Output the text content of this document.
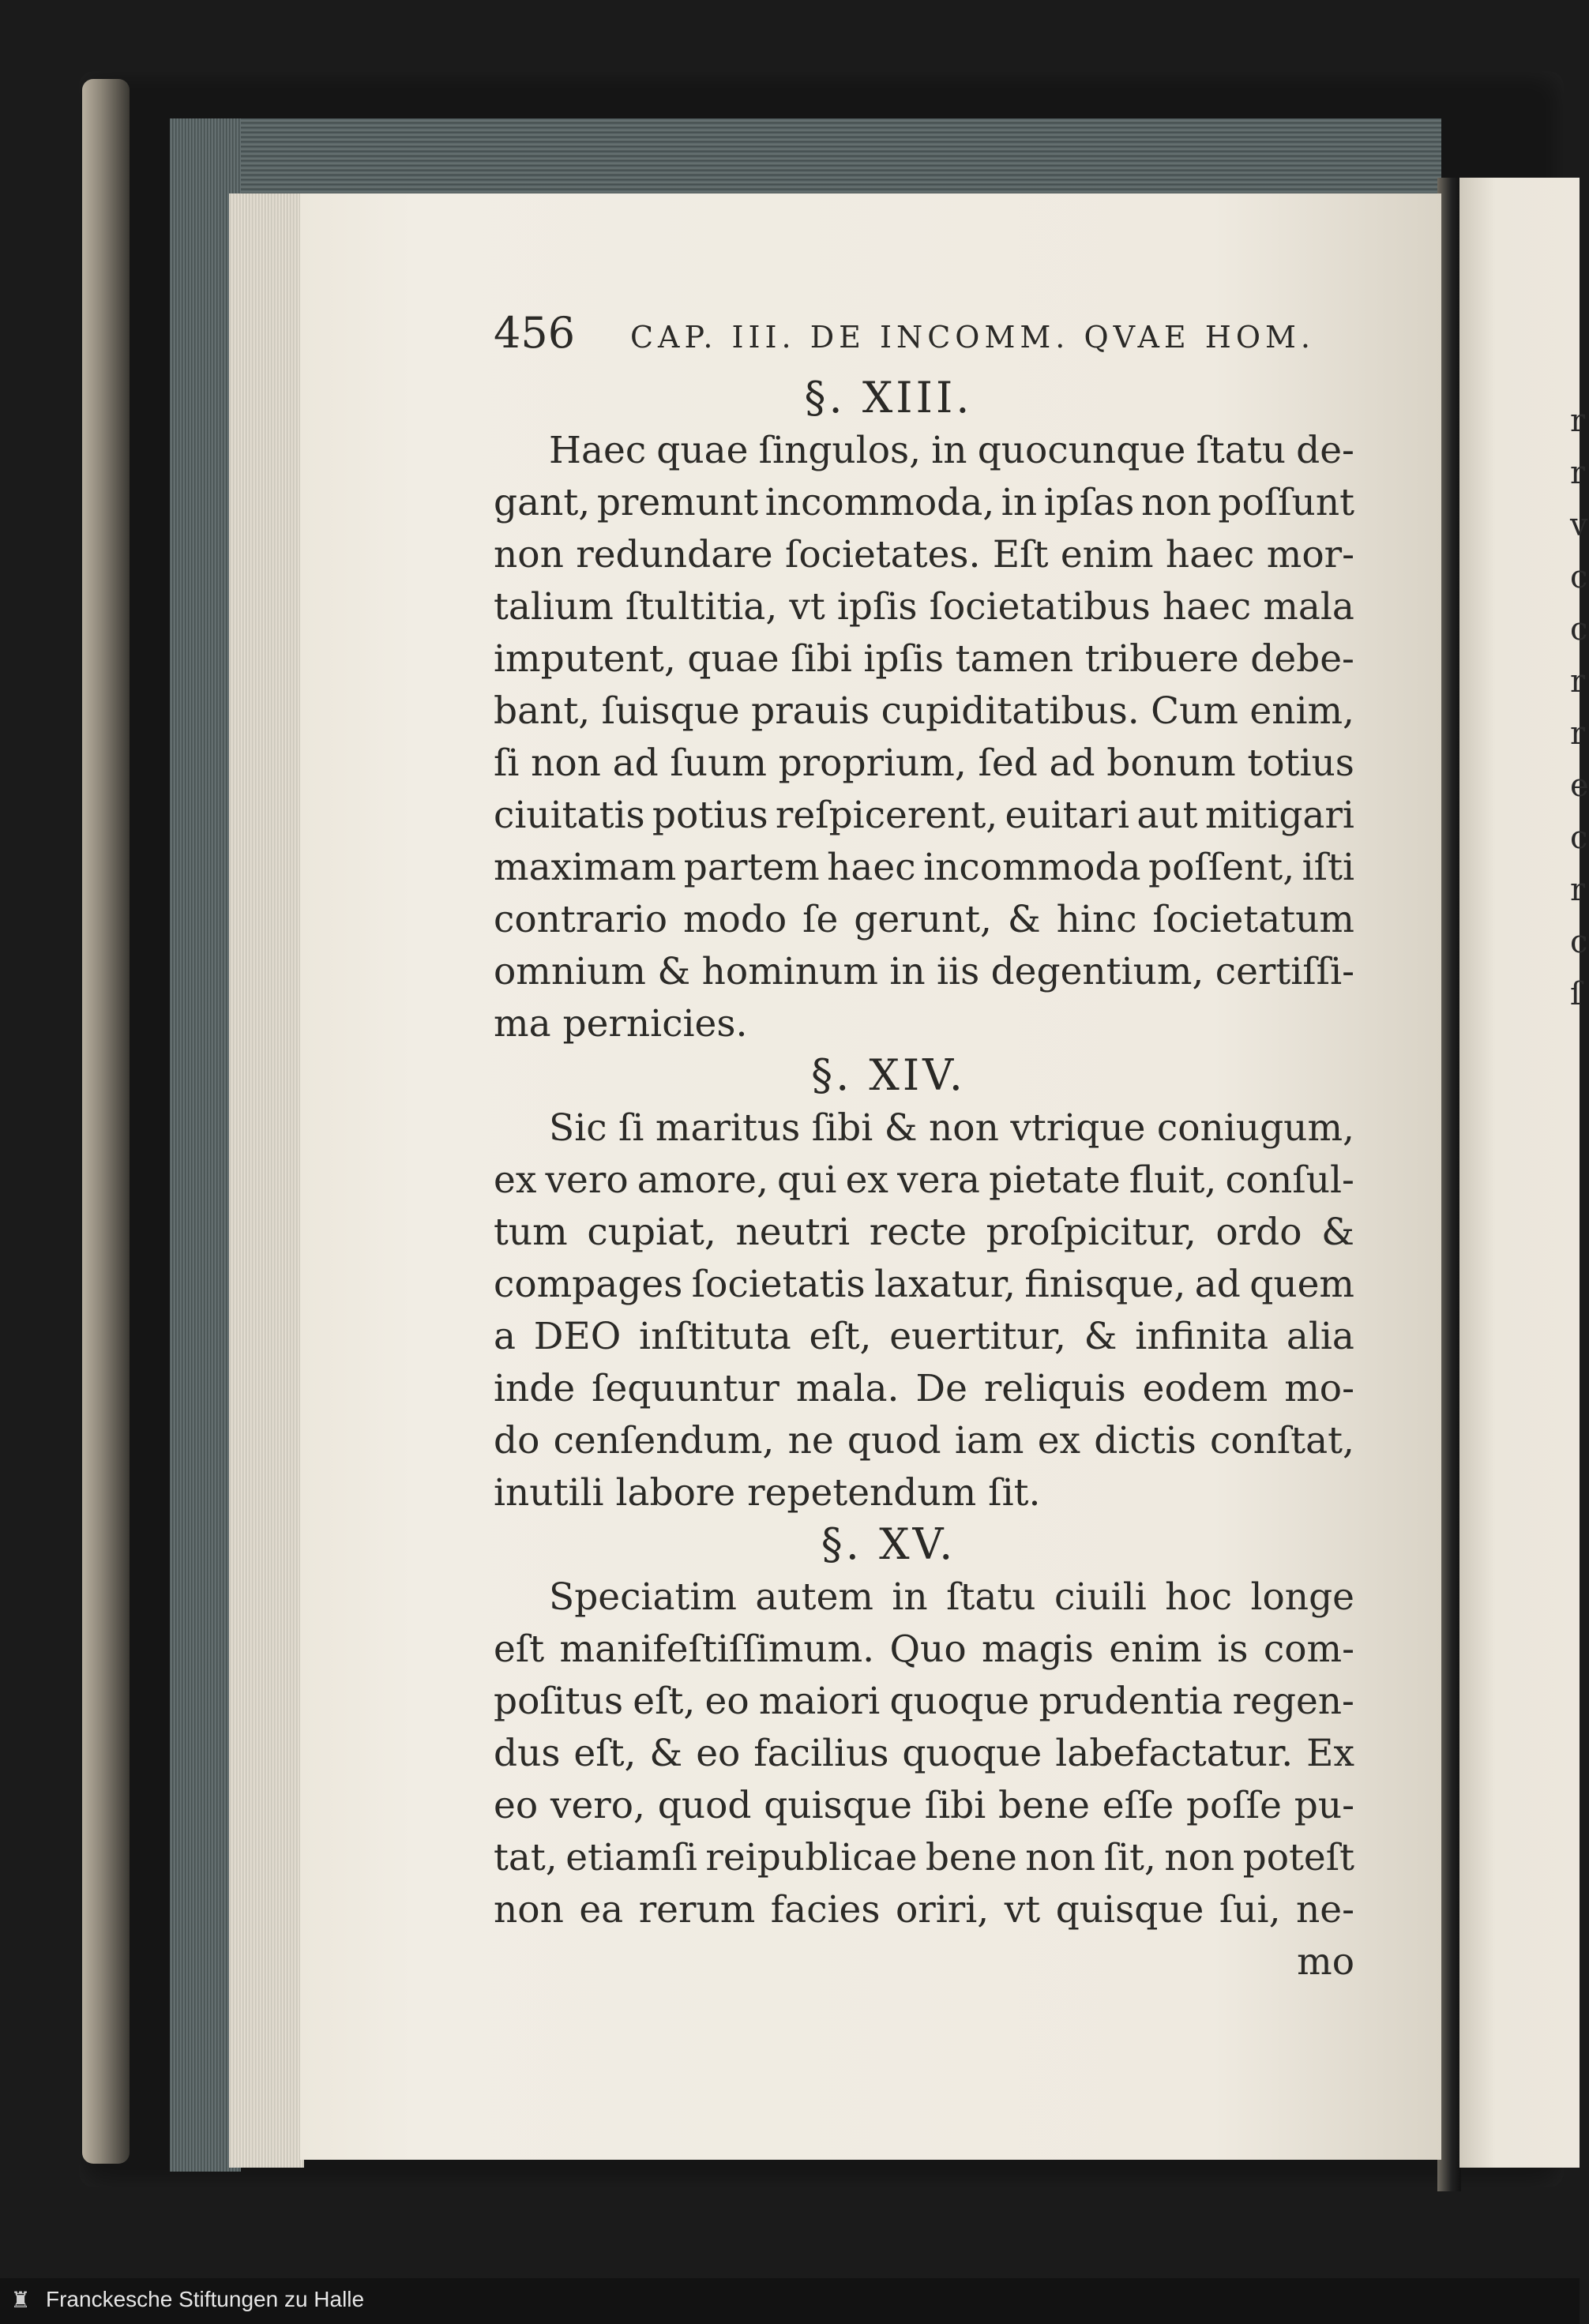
r
r
v
c
c
r
r
e
c
r
c
ſ
456 CAP. III. DE INCOMM. QVAE HOM.
§. XIII.
Haec quae ſingulos, in quocunque ſtatu de-
gant, premunt incommoda, in ipſas non poſſunt
non redundare ſocietates. Eſt enim haec mor-
talium ſtultitia, vt ipſis ſocietatibus haec mala
imputent, quae ſibi ipſis tamen tribuere debe-
bant, ſuisque prauis cupiditatibus. Cum enim,
ſi non ad ſuum proprium, ſed ad bonum totius
ciuitatis potius reſpicerent, euitari aut mitigari
maximam partem haec incommoda poſſent, iſti
contrario modo ſe gerunt, & hinc ſocietatum
omnium & hominum in iis degentium, certiſſi-
ma pernicies.
§. XIV.
Sic ſi maritus ſibi & non vtrique coniugum,
ex vero amore, qui ex vera pietate fluit, conſul-
tum cupiat, neutri recte proſpicitur, ordo &
compages ſocietatis laxatur, finisque, ad quem
a DEO inſtituta eſt, euertitur, & infinita alia
inde ſequuntur mala. De reliquis eodem mo-
do cenſendum, ne quod iam ex dictis conſtat,
inutili labore repetendum ſit.
§. XV.
Speciatim autem in ſtatu ciuili hoc longe
eſt manifeſtiſſimum. Quo magis enim is com-
poſitus eſt, eo maiori quoque prudentia regen-
dus eſt, & eo facilius quoque labefactatur. Ex
eo vero, quod quisque ſibi bene eſſe poſſe pu-
tat, etiamſi reipublicae bene non ſit, non poteſt
non ea rerum facies oriri, vt quisque ſui, ne-
mo
♜ Franckesche Stiftungen zu Halle
